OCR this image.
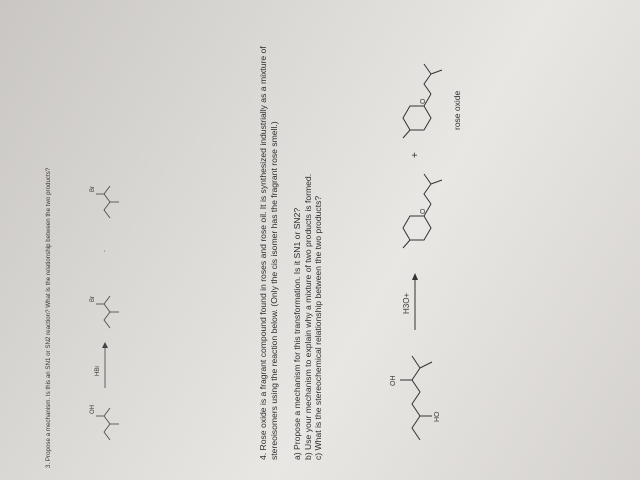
3. Propose a mechanism. Is this an SN1 or SN2 reaction? What is the relationship between the two products?	HBr
OH
Br
Br
.	4. Rose oxide is a fragrant compound found in roses and rose oil. It is synthesized industrially as a mixture of stereoisomers using the reaction below. (Only the cis isomer has the fragrant rose smell.) a) Propose a mechanism for this transformation. Is it SN1 or SN2? b) Use your mechanism to explain why a mixture of two products is formed. c) What is the stereochemical relationship between the two products?	H3O+
HO
OH
O
O
+
rose oxide
